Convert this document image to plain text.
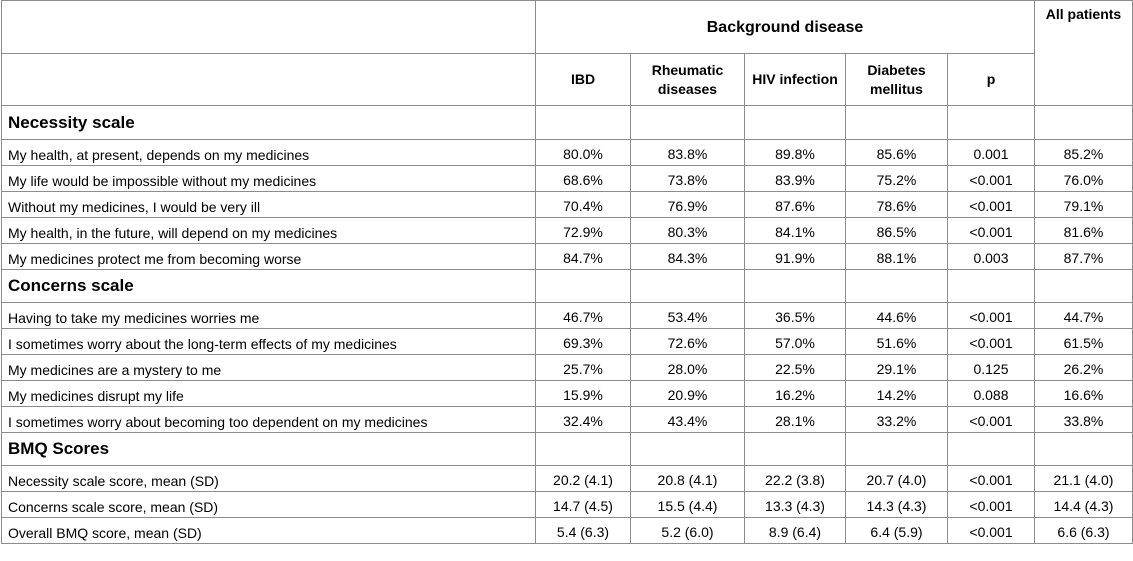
	Background disease					All patients
	IBD	Rheumatic diseases	HIV infection	Diabetes mellitus	p	
Necessity scale						
My health, at present, depends on my medicines	80.0%	83.8%	89.8%	85.6%	0.001	85.2%
My life would be impossible without my medicines	68.6%	73.8%	83.9%	75.2%	<0.001	76.0%
Without my medicines, I would be very ill	70.4%	76.9%	87.6%	78.6%	<0.001	79.1%
My health, in the future, will depend on my medicines	72.9%	80.3%	84.1%	86.5%	<0.001	81.6%
My medicines protect me from becoming worse	84.7%	84.3%	91.9%	88.1%	0.003	87.7%
Concerns scale						
Having to take my medicines worries me	46.7%	53.4%	36.5%	44.6%	<0.001	44.7%
I sometimes worry about the long-term effects of my medicines	69.3%	72.6%	57.0%	51.6%	<0.001	61.5%
My medicines are a mystery to me	25.7%	28.0%	22.5%	29.1%	0.125	26.2%
My medicines disrupt my life	15.9%	20.9%	16.2%	14.2%	0.088	16.6%
I sometimes worry about becoming too dependent on my medicines	32.4%	43.4%	28.1%	33.2%	<0.001	33.8%
BMQ Scores						
Necessity scale score, mean (SD)	20.2 (4.1)	20.8 (4.1)	22.2 (3.8)	20.7 (4.0)	<0.001	21.1 (4.0)
Concerns scale score, mean (SD)	14.7 (4.5)	15.5 (4.4)	13.3 (4.3)	14.3 (4.3)	<0.001	14.4 (4.3)
Overall BMQ score, mean (SD)	5.4 (6.3)	5.2 (6.0)	8.9 (6.4)	6.4 (5.9)	<0.001	6.6 (6.3)
